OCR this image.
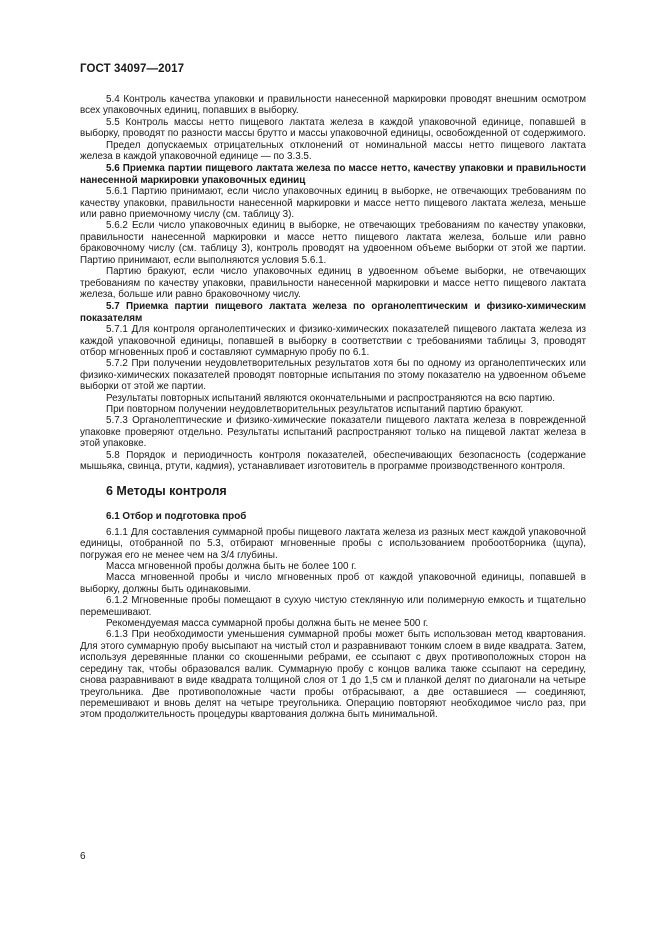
ГОСТ 34097—2017

5.4 Контроль качества упаковки и правильности нанесенной маркировки проводят внешним осмотром всех упаковочных единиц, попавших в выборку.

5.5 Контроль массы нетто пищевого лактата железа в каждой упаковочной единице, попавшей в выборку, проводят по разности массы брутто и массы упаковочной единицы, освобожденной от содержимого.

Предел допускаемых отрицательных отклонений от номинальной массы нетто пищевого лактата железа в каждой упаковочной единице — по 3.3.5.

5.6 Приемка партии пищевого лактата железа по массе нетто, качеству упаковки и правильности нанесенной маркировки упаковочных единиц

5.6.1 Партию принимают, если число упаковочных единиц в выборке, не отвечающих требованиям по качеству упаковки, правильности нанесенной маркировки и массе нетто пищевого лактата железа, меньше или равно приемочному числу (см. таблицу 3).

5.6.2 Если число упаковочных единиц в выборке, не отвечающих требованиям по качеству упаковки, правильности нанесенной маркировки и массе нетто пищевого лактата железа, больше или равно браковочному числу (см. таблицу 3), контроль проводят на удвоенном объеме выборки от этой же партии. Партию принимают, если выполняются условия 5.6.1.

Партию бракуют, если число упаковочных единиц в удвоенном объеме выборки, не отвечающих требованиям по качеству упаковки, правильности нанесенной маркировки и массе нетто пищевого лактата железа, больше или равно браковочному числу.

5.7 Приемка партии пищевого лактата железа по органолептическим и физико-химическим показателям

5.7.1 Для контроля органолептических и физико-химических показателей пищевого лактата железа из каждой упаковочной единицы, попавшей в выборку в соответствии с требованиями таблицы 3, проводят отбор мгновенных проб и составляют суммарную пробу по 6.1.

5.7.2 При получении неудовлетворительных результатов хотя бы по одному из органолептических или физико-химических показателей проводят повторные испытания по этому показателю на удвоенном объеме выборки от этой же партии.

Результаты повторных испытаний являются окончательными и распространяются на всю партию.

При повторном получении неудовлетворительных результатов испытаний партию бракуют.

5.7.3 Органолептические и физико-химические показатели пищевого лактата железа в поврежденной упаковке проверяют отдельно. Результаты испытаний распространяют только на пищевой лактат железа в этой упаковке.

5.8 Порядок и периодичность контроля показателей, обеспечивающих безопасность (содержание мышьяка, свинца, ртути, кадмия), устанавливает изготовитель в программе производственного контроля.

6 Методы контроля

6.1 Отбор и подготовка проб

6.1.1 Для составления суммарной пробы пищевого лактата железа из разных мест каждой упаковочной единицы, отобранной по 5.3, отбирают мгновенные пробы с использованием пробоотборника (щупа), погружая его не менее чем на 3/4 глубины.

Масса мгновенной пробы должна быть не более 100 г.

Масса мгновенной пробы и число мгновенных проб от каждой упаковочной единицы, попавшей в выборку, должны быть одинаковыми.

6.1.2 Мгновенные пробы помещают в сухую чистую стеклянную или полимерную емкость и тщательно перемешивают.

Рекомендуемая масса суммарной пробы должна быть не менее 500 г.

6.1.3 При необходимости уменьшения суммарной пробы может быть использован метод квартования. Для этого суммарную пробу высыпают на чистый стол и разравнивают тонким слоем в виде квадрата. Затем, используя деревянные планки со скошенными ребрами, ее ссыпают с двух противоположных сторон на середину так, чтобы образовался валик. Суммарную пробу с концов валика также ссыпают на середину, снова разравнивают в виде квадрата толщиной слоя от 1 до 1,5 см и планкой делят по диагонали на четыре треугольника. Две противоположные части пробы отбрасывают, а две оставшиеся — соединяют, перемешивают и вновь делят на четыре треугольника. Операцию повторяют необходимое число раз, при этом продолжительность процедуры квартования должна быть минимальной.

6
